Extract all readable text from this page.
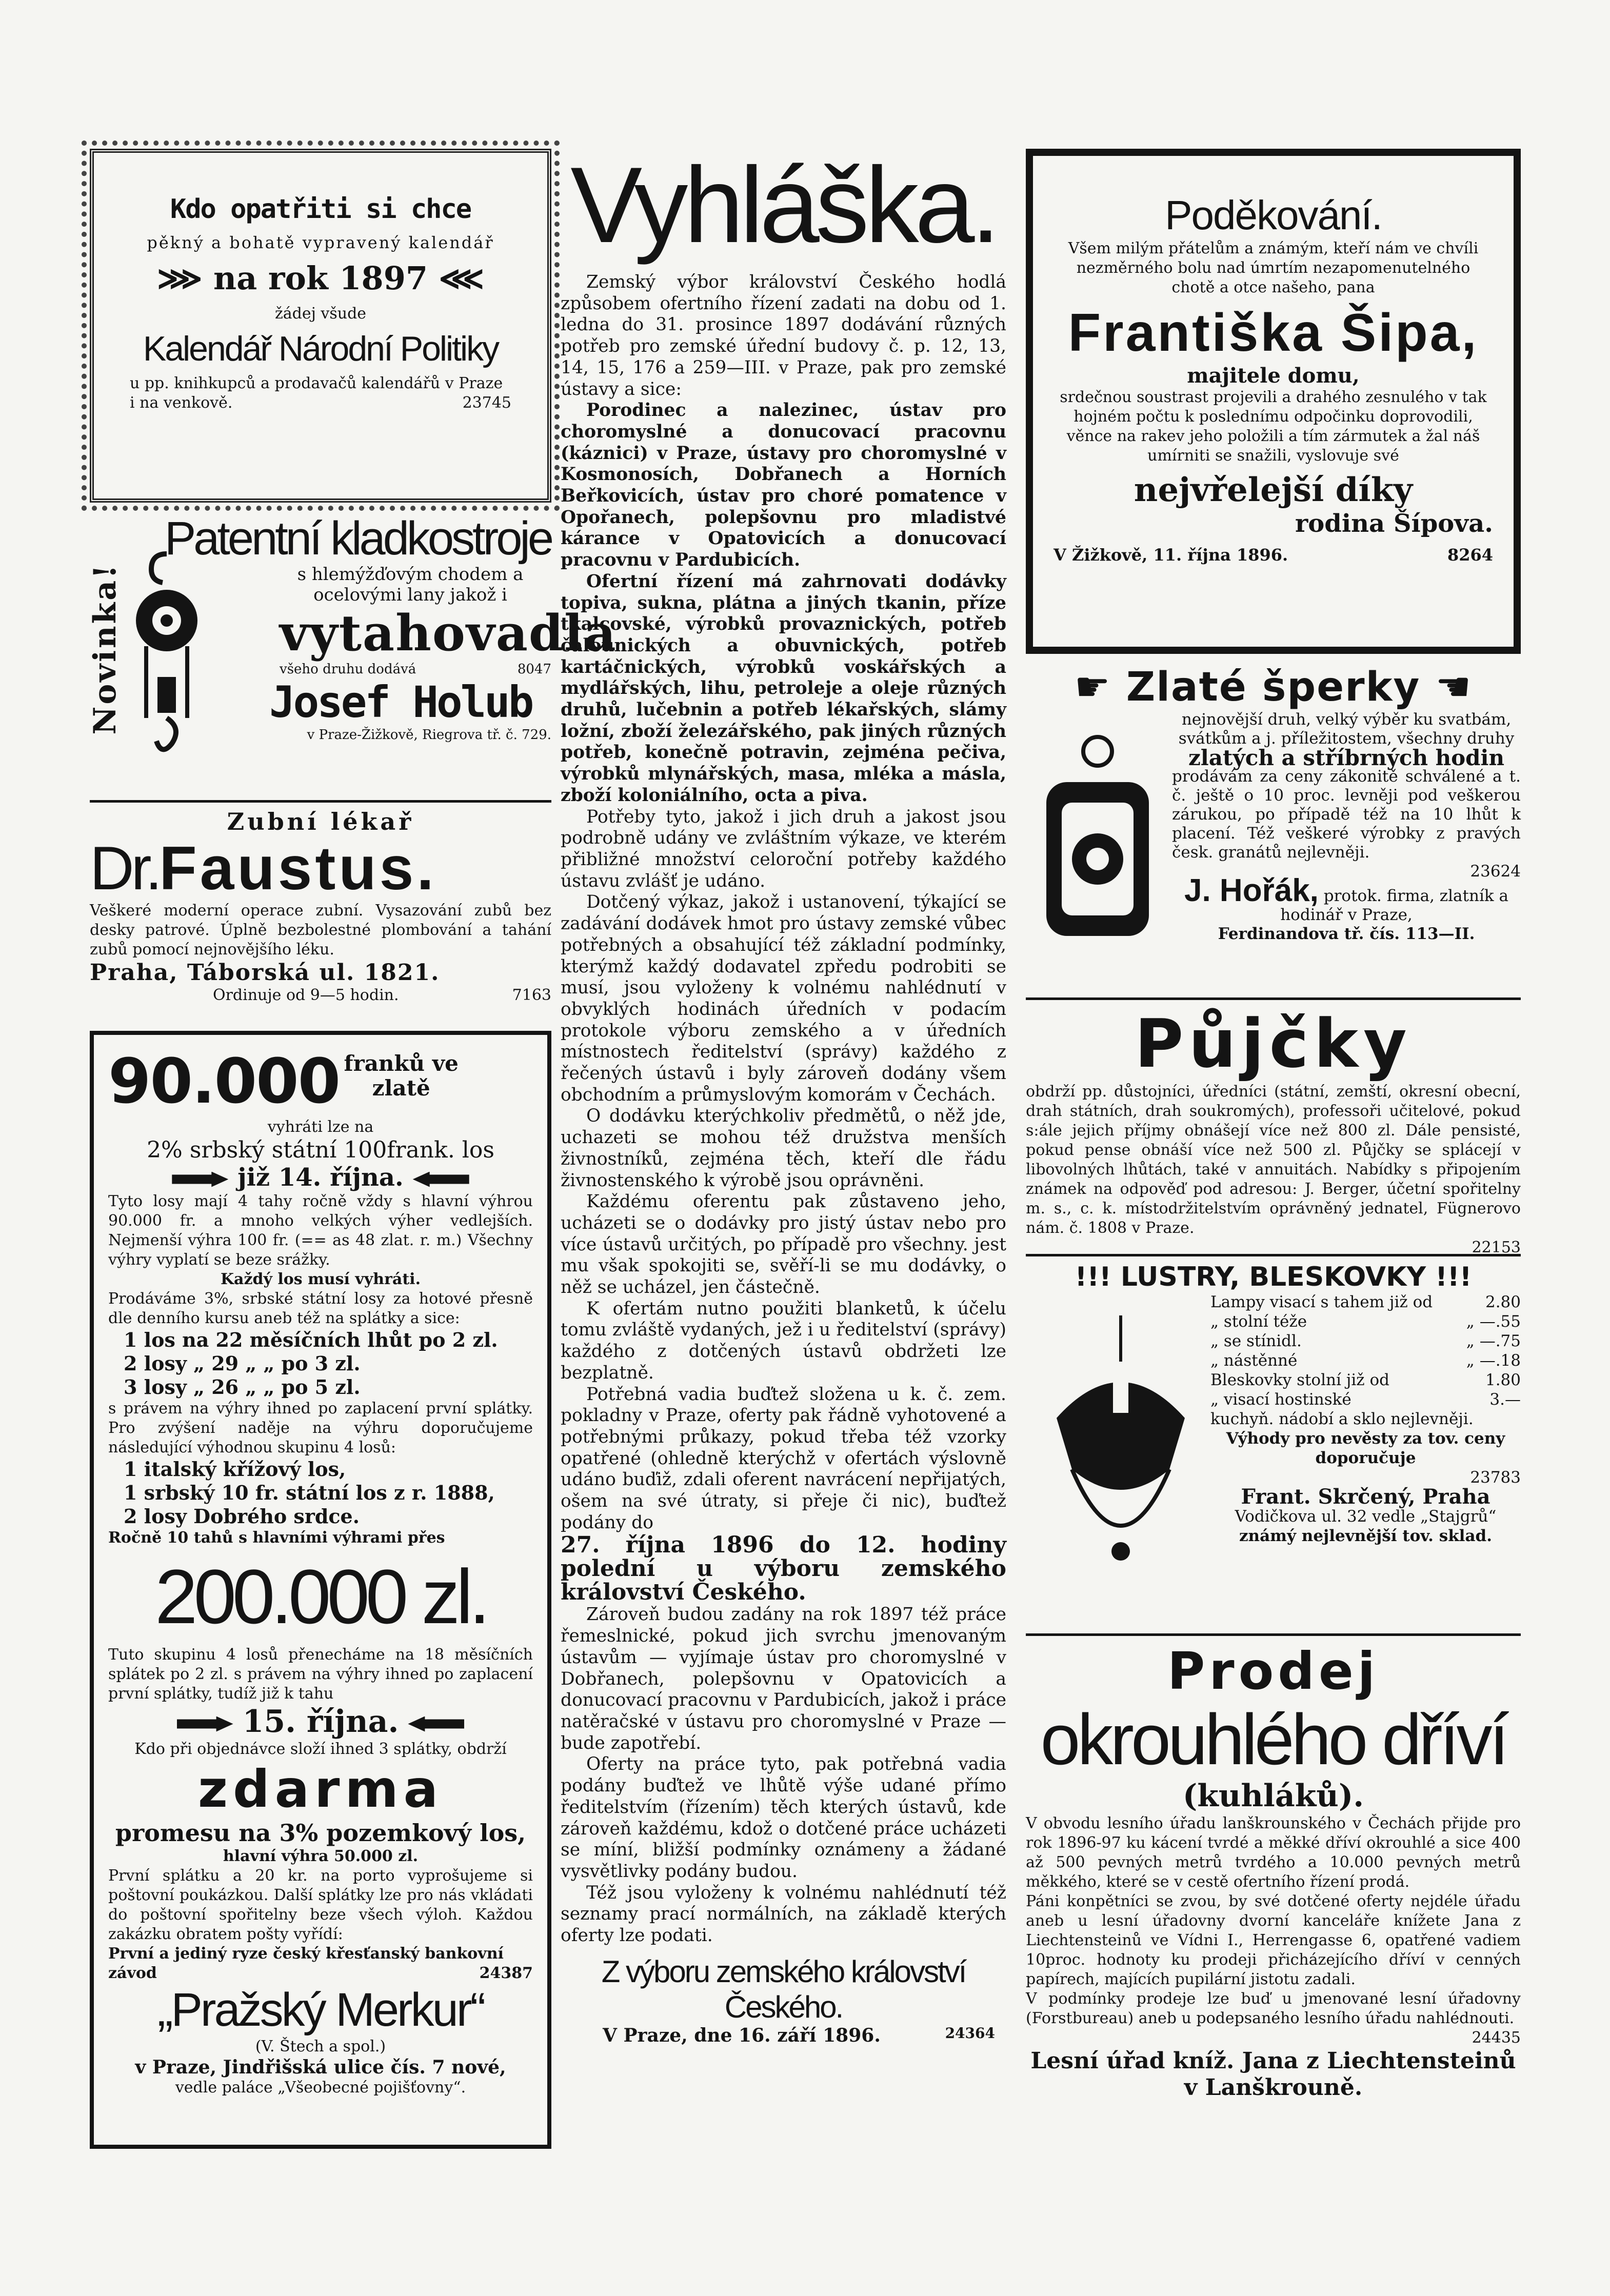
Kdo opatřiti si chce
pěkný a bohatě vypravený kalendář
⋙ na rok 1897 ⋘
žádej všude
Kalendář Národní Politiky
u pp. knihkupců a prodavačů kalendářů v Praze i na venkově.	23745
Novinka!
Patentní kladkostroje
s hlemýžďovým chodem a ocelovými lany jakož i
vytahovadla
všeho druhu dodává	8047
Josef Holub
v Praze-Žižkově, Riegrova tř. č. 729.
Zubní lékař
Dr.Faustus.
Veškeré moderní operace zubní. Vysazování zubů bez desky patrové. Úplně bezbolestné plombování a tahání zubů pomocí nejnovějšího léku.
Praha, Táborská ul. 1821.
Ordinuje od 9—5 hodin.	7163
90.000 franků ve zlatě
vyhráti lze na
2% srbský státní 100frank. los
již 14. října.
Tyto losy mají 4 tahy ročně vždy s hlavní výhrou 90.000 fr. a mnoho velkých výher vedlejších. Nejmenší výhra 100 fr. (== as 48 zlat. r. m.) Všechny výhry vyplatí se beze srážky.
Každý los musí vyhráti.
Prodáváme 3%, srbské státní losy za hotové přesně dle denního kursu aneb též na splátky a sice:
1 los na 22 měsíčních lhůt po 2 zl.
2 losy „ 29 „ „ po 3 zl.
3 losy „ 26 „ „ po 5 zl.
s právem na výhry ihned po zaplacení první splátky. Pro zvýšení naděje na výhru doporučujeme následující výhodnou skupinu 4 losů:
1 italský křížový los,
1 srbský 10 fr. státní los z r. 1888,
2 losy Dobrého srdce.
Ročně 10 tahů s hlavními výhrami přes
200.000 zl.
Tuto skupinu 4 losů přenecháme na 18 měsíčních splátek po 2 zl. s právem na výhry ihned po zaplacení první splátky, tudíž již k tahu
15. října.
Kdo při objednávce složí ihned 3 splátky, obdrží
zdarma
promesu na 3% pozemkový los,
hlavní výhra 50.000 zl.
První splátku a 20 kr. na porto vyprošujeme si poštovní poukázkou. Další splátky lze pro nás vkládati do poštovní spořitelny beze všech výloh. Každou zakázku obratem pošty vyřídí:
První a jediný ryze český křesťanský bankovní závod	24387
„Pražský Merkur“
(V. Štech a spol.)
v Praze, Jindřišská ulice čís. 7 nové,
vedle paláce „Všeobecné pojišťovny“.
Vyhláška.

Zemský výbor království Českého hodlá způsobem ofertního řízení zadati na dobu od 1. ledna do 31. prosince 1897 dodávání různých potřeb pro zemské úřední budovy č. p. 12, 13, 14, 15, 176 a 259—III. v Praze, pak pro zemské ústavy a sice:

Porodinec a nalezinec, ústav pro choromyslné a donucovací pracovnu (káznici) v Praze, ústavy pro choromyslné v Kosmonosích, Dobřanech a Horních Beřkovicích, ústav pro choré pomatence v Opořanech, polepšovnu pro mladistvé kárance v Opatovicích a donucovací pracovnu v Pardubicích.

Ofertní řízení má zahrnovati dodávky topiva, sukna, plátna a jiných tkanin, příze tkalcovské, výrobků provaznických, potřeb čalounických a obuvnických, potřeb kartáčnických, výrobků voskářských a mydlářských, lihu, petroleje a oleje různých druhů, lučebnin a potřeb lékařských, slámy ložní, zboží železářského, pak jiných různých potřeb, konečně potravin, zejména pečiva, výrobků mlynářských, masa, mléka a másla, zboží koloniálního, octa a piva.

Potřeby tyto, jakož i jich druh a jakost jsou podrobně udány ve zvláštním výkaze, ve kterém přibližné množství celoroční potřeby každého ústavu zvlášť je udáno.

Dotčený výkaz, jakož i ustanovení, týkající se zadávání dodávek hmot pro ústavy zemské vůbec potřebných a obsahující též základní podmínky, kterýmž každý dodavatel zpředu podrobiti se musí, jsou vyloženy k volnému nahlédnutí v obvyklých hodinách úředních v podacím protokole výboru zemského a v úředních místnostech ředitelství (správy) každého z řečených ústavů i byly zároveň dodány všem obchodním a průmyslovým komorám v Čechách.

O dodávku kterýchkoliv předmětů, o něž jde, uchazeti se mohou též družstva menších živnostníků, zejména těch, kteří dle řádu živnostenského k výrobě jsou oprávněni.

Každému oferentu pak zůstaveno jeho, ucházeti se o dodávky pro jistý ústav nebo pro více ústavů určitých, po případě pro všechny. jest mu však spokojiti se, svěří-li se mu dodávky, o něž se ucházel, jen částečně.

K ofertám nutno použiti blanketů, k účelu tomu zvláště vydaných, jež i u ředitelství (správy) každého z dotčených ústavů obdržeti lze bezplatně.

Potřebná vadia buďtež složena u k. č. zem. pokladny v Praze, oferty pak řádně vyhotovené a potřebnými průkazy, pokud třeba též vzorky opatřené (ohledně kterýchž v ofertách výslovně udáno buďiž, zdali oferent navrácení nepřijatých, ošem na své útraty, si přeje či nic), buďtež podány do

27. října 1896 do 12. hodiny polední u výboru zemského království Českého.

Zároveň budou zadány na rok 1897 též práce řemeslnické, pokud jich svrchu jmenovaným ústavům — vyjímaje ústav pro choromyslné v Dobřanech, polepšovnu v Opatovicích a donucovací pracovnu v Pardubicích, jakož i práce natěračské v ústavu pro choromyslné v Praze — bude zapotřebí.

Oferty na práce tyto, pak potřebná vadia podány buďtež ve lhůtě výše udané přímo ředitelstvím (řízením) těch kterých ústavů, kde zároveň každému, kdož o dotčené práce ucházeti se míní, bližší podmínky oznámeny a žádané vysvětlivky podány budou.

Též jsou vyloženy k volnému nahlédnutí též seznamy prací normálních, na základě kterých oferty lze podati.

Z výboru zemského království Českého.
V Praze, dne 16. září 1896.	24364
Poděkování.
Všem milým přátelům a známým, kteří nám ve chvíli nezměrného bolu nad úmrtím nezapomenutelného chotě a otce našeho, pana
Františka Šipa,
majitele domu,
srdečnou soustrast projevili a drahého zesnulého v tak hojném počtu k poslednímu odpočinku doprovodili, věnce na rakev jeho položili a tím zármutek a žal náš umírniti se snažili, vyslovuje své
nejvřelejší díky
rodina Šípova.
V Žižkově, 11. října 1896.	8264
☛ Zlaté šperky ☚
nejnovější druh, velký výběr ku svatbám, svátkům a j. příležitostem, všechny druhy
zlatých a stříbrných hodin
prodávám za ceny zákonitě schválené a t. č. ještě o 10 proc. levněji pod veškerou zárukou, po případě též na 10 lhůt k placení. Též veškeré výrobky z pravých česk. granátů nejlevněji.
23624
J. Hořák, protok. firma, zlatník a hodinář v Praze,
Ferdinandova tř. čís. 113—II.
Půjčky
obdrží pp. důstojníci, úředníci (státní, zemští, okresní obecní, drah státních, drah soukromých), professoři učitelové, pokud s:ále jejich příjmy obnášejí více než 800 zl. Dále pensisté, pokud pense obnáší více než 500 zl. Půjčky se splácejí v libovolných lhůtách, také v annuitách. Nabídky s připojením známek na odpověď pod adresou: J. Berger, účetní spořitelny m. s., c. k. místodržitelstvím oprávněný jednatel, Fügnerovo nám. č. 1808 v Praze.
22153
!!! LUSTRY, BLESKOVKY !!!
Lampy visací s tahem již od	2.80
„ stolní téže	„ —.55
„ se stínidl.	„ —.75
„ nástěnné	„ —.18
Bleskovky stolní již od	1.80
„ visací hostinské	3.—
kuchyň. nádobí a sklo nejlevněji.
Výhody pro nevěsty za tov. ceny doporučuje
23783
Frant. Skrčený, Praha
Vodičkova ul. 32 vedle „Stajgrů“
známý nejlevnější tov. sklad.
Prodej
okrouhlého dříví
(kuhláků).
V obvodu lesního úřadu lanškrounského v Čechách přijde pro rok 1896-97 ku kácení tvrdé a měkké dříví okrouhlé a sice 400 až 500 pevných metrů tvrdého a 10.000 pevných metrů měkkého, které se v cestě ofertního řízení prodá.
Páni konpětníci se zvou, by své dotčené oferty nejdéle úřadu aneb u lesní úřadovny dvorní kanceláře knížete Jana z Liechtensteinů ve Vídni I., Herrengasse 6, opatřené vadiem 10proc. hodnoty ku prodeji přicházejícího dříví v cenných papírech, majících pupilární jistotu zadali.
V podmínky prodeje lze buď u jmenované lesní úřadovny (Forstbureau) aneb u podepsaného lesního úřadu nahlédnouti.
24435
Lesní úřad kníž. Jana z Liechtensteinů v Lanškrouně.
